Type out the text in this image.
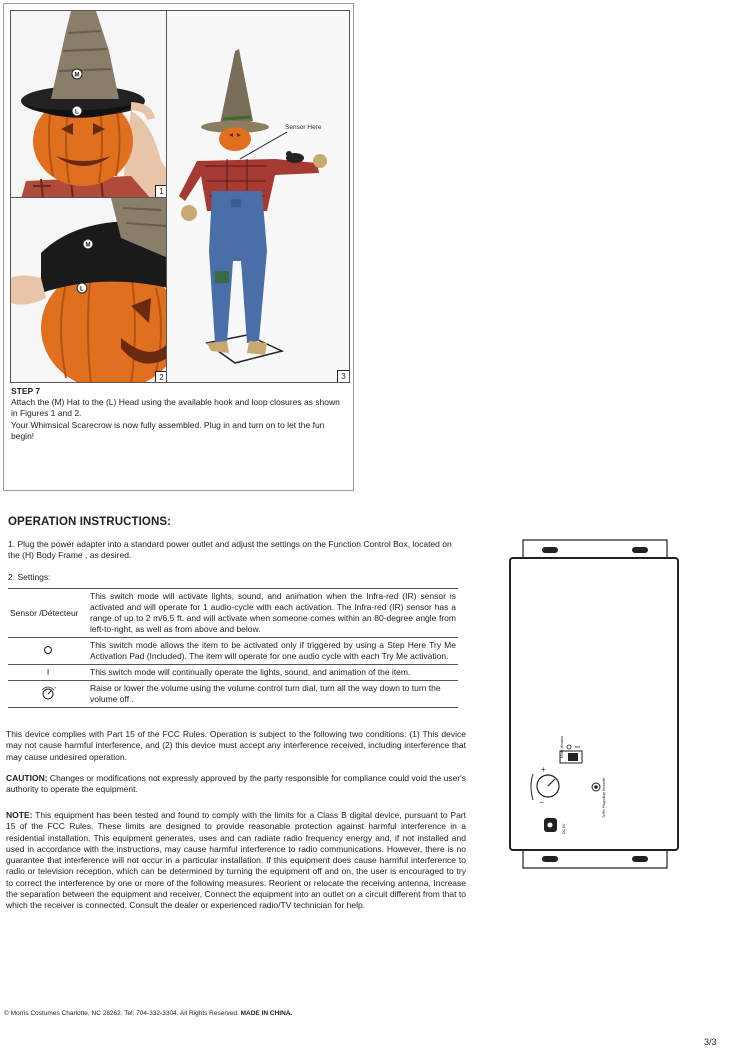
M
L
1
M
L
2
Sensor Here
3
STEP 7
Attach the (M) Hat to the (L) Head using the available hook and loop closures as shown in Figures 1 and 2.
Your Whimsical Scarecrow is now fully assembled. Plug in and turn on to let the fun begin!
OPERATION INSTRUCTIONS:
1. Plug the power adapter into a standard power outlet and adjust the settings on the Function Control Box, located on the (H) Body Frame , as desired.
2. Settings:
Sensor /Détecteur	This switch mode will activate lights, sound, and animation when the Infra-red (IR) sensor is activated and will operate for 1 audio-cycle with each activation. The Infra-red (IR) sensor has a range of up to 2 m/6.5 ft. and will activate when someone comes within an 80-degree angle from left-to-right, as well as from above and below.
	This switch mode allows the item to be activated only if triggered by using a Step Here Try Me Activation Pad (Included). The item will operate for one audio cycle with each Try Me activation.
I	This switch mode will continually operate the lights, sound, and animation of the item.

+	Raise or lower the volume using the volume control turn dial, turn all the way down to turn the volume off .
This device complies with Part 15 of the FCC Rules. Operation is subject to the following two conditions: (1) This device may not cause harmful interference, and (2) this device must accept any interference received, including interference that may cause undesired operation.
CAUTION: Changes or modifications not expressly approved by the party responsible for compliance could void the user's authority to operate the equipment.
NOTE: This equipment has been tested and found to comply with the limits for a Class B digital device, pursuant to Part 15 of the FCC Rules. These limits are designed to provide reasonable protection against harmful interference in a residential installation. This equipment generates, uses and can radiate radio frequency energy and, if not installed and used in accordance with the instructions, may cause harmful interference to radio communications. However, there is no guarantee that interference will not occur in a particular installation. If this equipment does cause harmful interference to radio or television reception, which can be determined by turning the equipment off and on, the user is encouraged to try to correct the interference by one or more of the following measures: Reorient or relocate the receiving antenna, Increase the separation between the equipment and receiver, Connect the equipment into an outlet on a circuit different from that to which the receiver is connected. Consult the dealer or experienced radio/TV technician for help.
+
−
Mode Window
To/Re Plugs/Bay Hosaster
DC 6V
© Morris Costumes Charlotte, NC 28262. Tel: 704-332-3304. All Rights Reserved. MADE IN CHINA.
3/3
